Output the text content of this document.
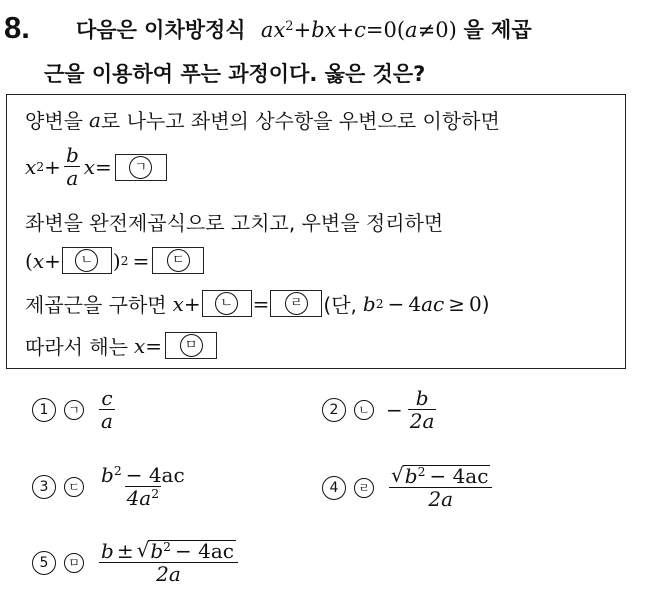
8. 다음은 이차방정식 $ax^2+bx+c=0(a\ne 0)$ 을 제곱
근을 이용하여 푸는 과정이다. 옳은 것은?
양변을 a 로 나누고 좌변의 상수항을 우변으로 이항하면
x $2 + \frac{b}{a}$ x =	ㄱ
좌변을 완전제곱식으로 고치고, 우변을 정리하면
( x +	ㄴ ) 2 =	ㄷ
제곱근을 구하면 x +	ㄴ =	ㄹ (단, b 2 − 4 ac ≥ 0 )
따라서 해는 x =	ㅁ
1	ㄱ $\frac{c}{a}$	2	ㄴ − $\frac{b}{2a}$
3	ㄷ $\frac{b^2 - 4ac}{4a^2}$	4	ㄹ $\frac{√ b^2 - 4ac}{2a}$
5	ㅁ $\frac{b \pm √ b^2 - 4ac}{2a}$
